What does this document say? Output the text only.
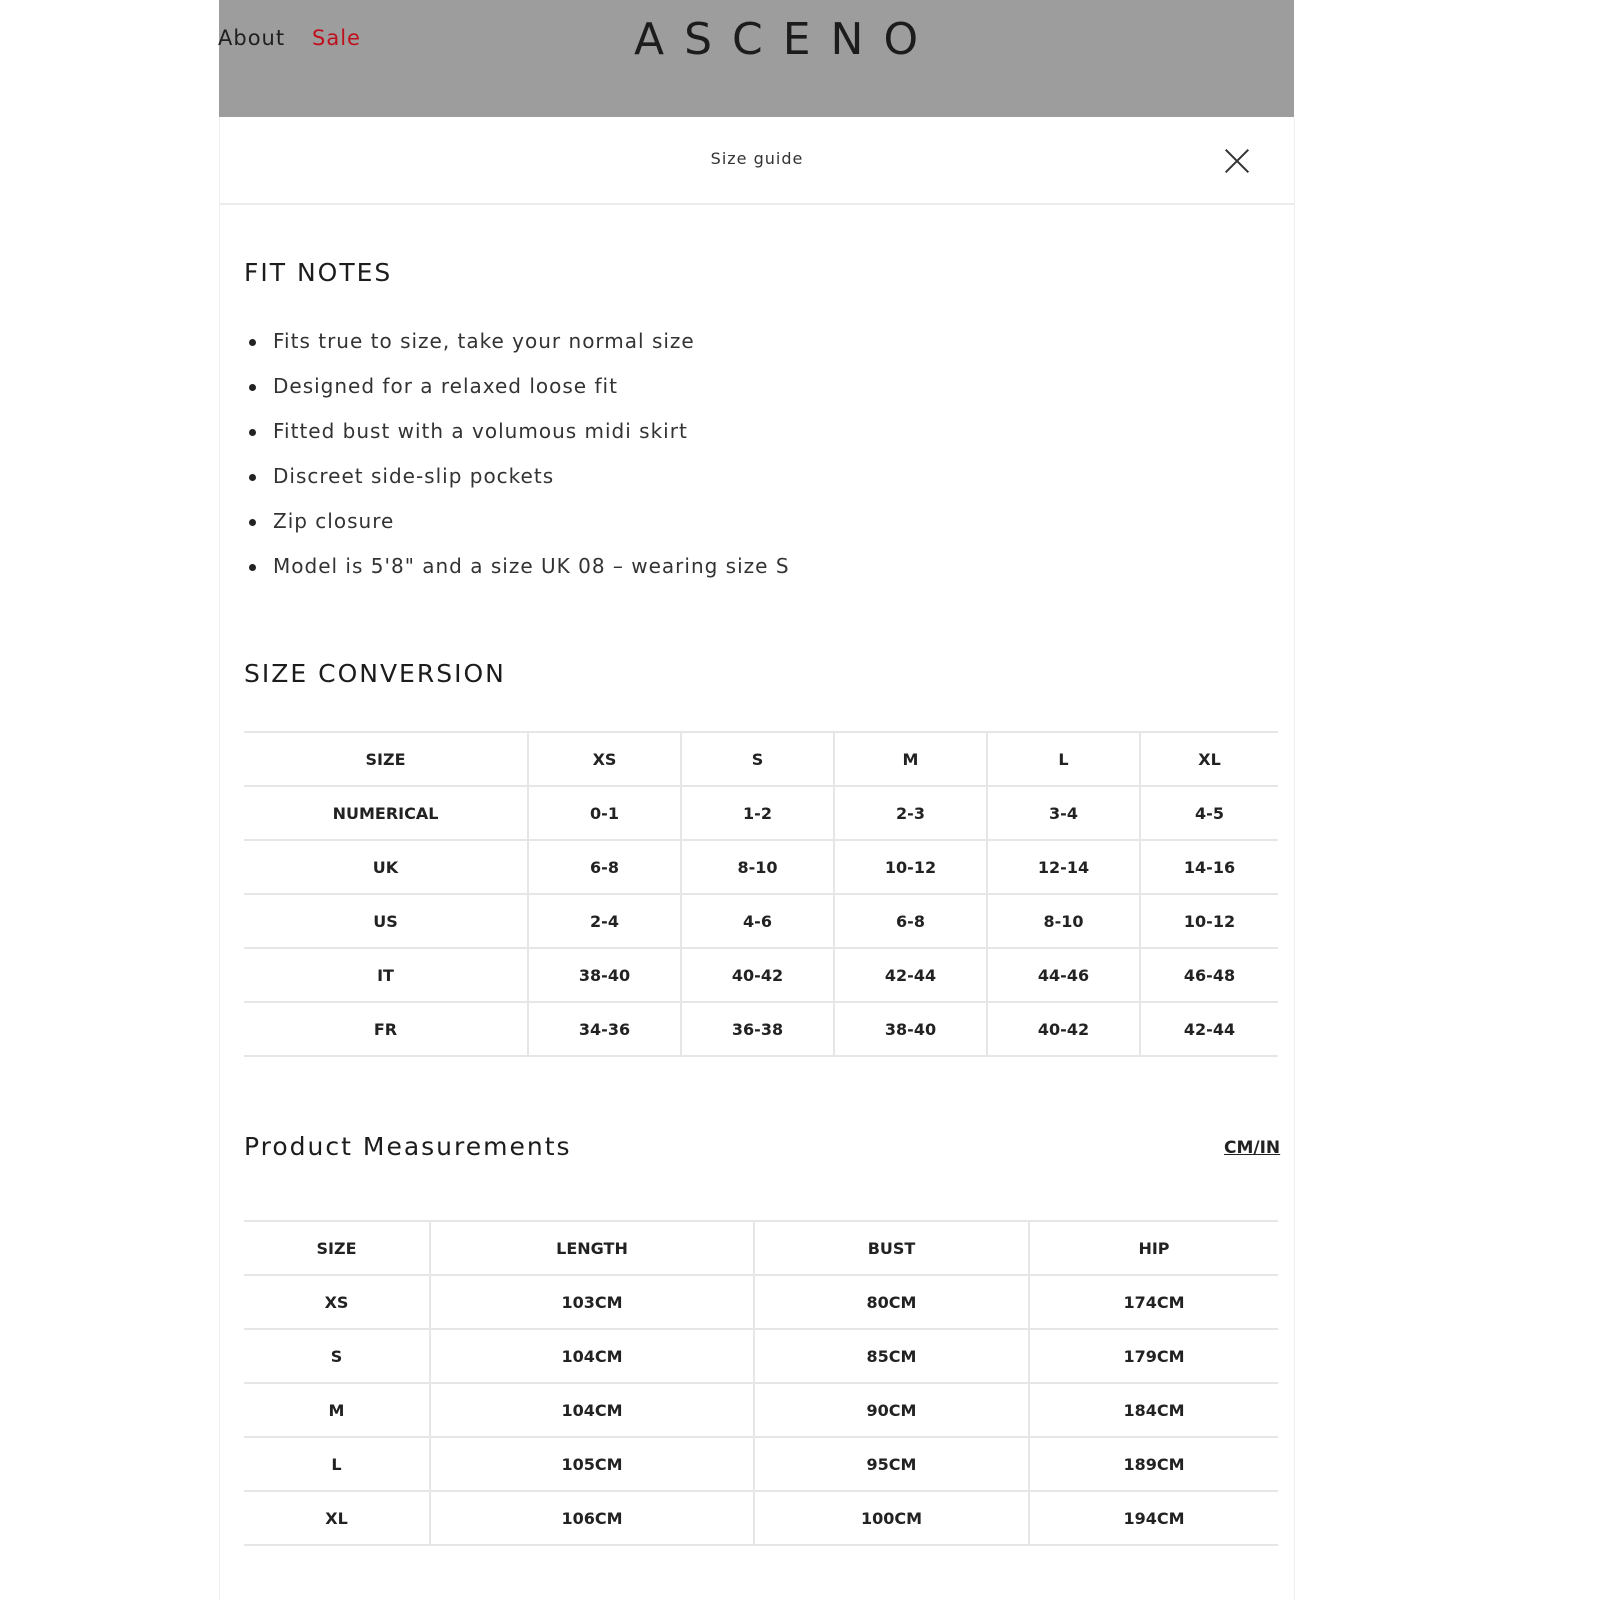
About Sale	ASCENO
Size guide
FIT NOTES
Fits true to size, take your normal size
Designed for a relaxed loose fit
Fitted bust with a volumous midi skirt
Discreet side-slip pockets
Zip closure
Model is 5'8" and a size UK 08 – wearing size S
SIZE CONVERSION
SIZE	XS	S	M	L	XL
NUMERICAL	0-1	1-2	2-3	3-4	4-5
UK	6-8	8-10	10-12	12-14	14-16
US	2-4	4-6	6-8	8-10	10-12
IT	38-40	40-42	42-44	44-46	46-48
FR	34-36	36-38	38-40	40-42	42-44
Product Measurements	CM/IN
SIZE	LENGTH	BUST	HIP
XS	103CM	80CM	174CM
S	104CM	85CM	179CM
M	104CM	90CM	184CM
L	105CM	95CM	189CM
XL	106CM	100CM	194CM
